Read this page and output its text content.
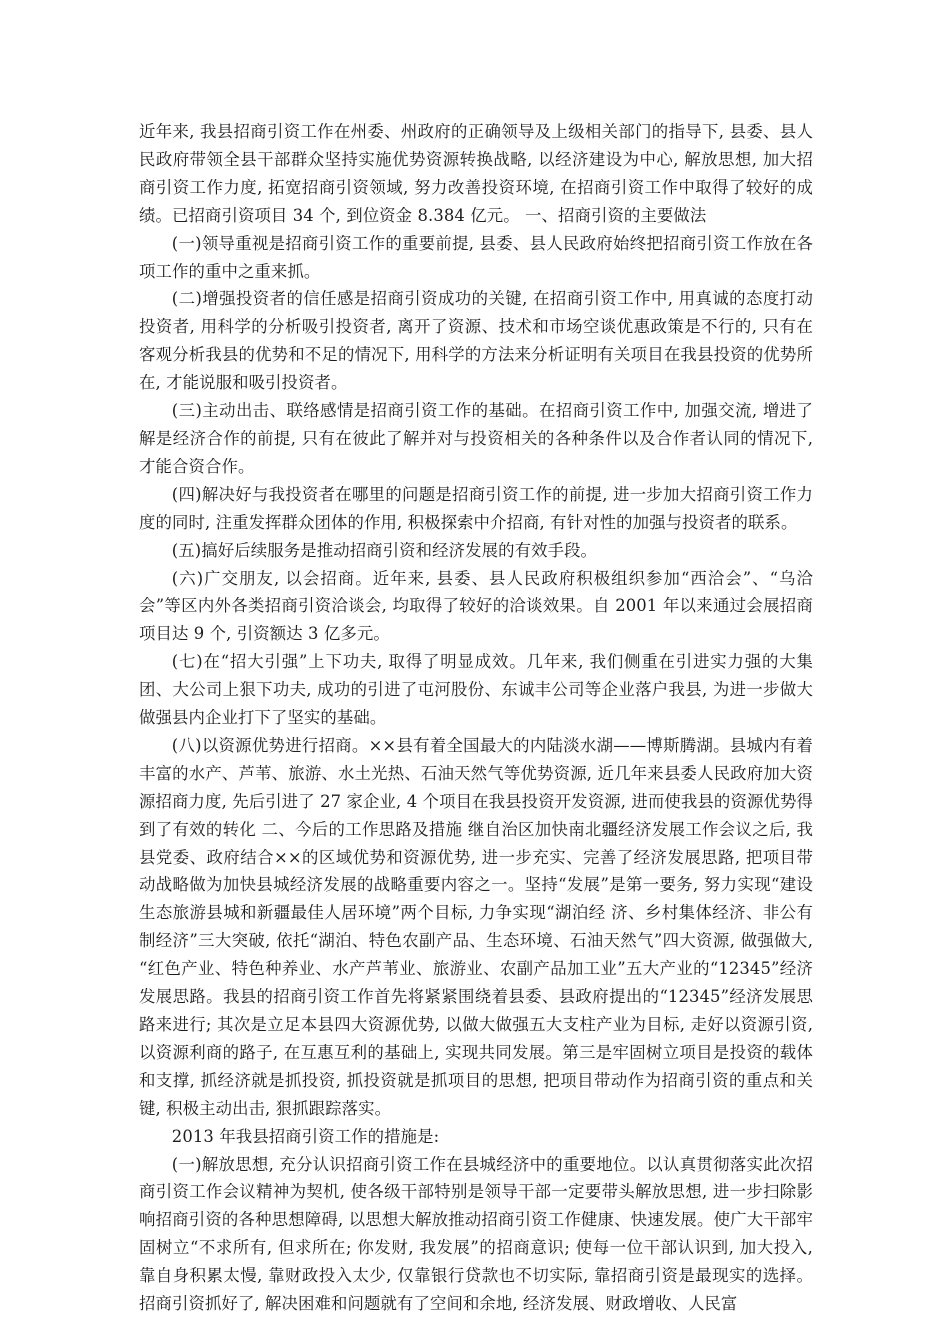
近年来, 我县招商引资工作在州委、州政府的正确领导及上级相关部门的指导下, 县委、县人民政府带领全县干部群众坚持实施优势资源转换战略, 以经济建设为中心, 解放思想, 加大招商引资工作力度, 拓宽招商引资领域, 努力改善投资环境, 在招商引资工作中取得了较好的成绩。已招商引资项目 34 个, 到位资金 8.384 亿元。 一、招商引资的主要做法

(一)领导重视是招商引资工作的重要前提, 县委、县人民政府始终把招商引资工作放在各项工作的重中之重来抓。

(二)增强投资者的信任感是招商引资成功的关键, 在招商引资工作中, 用真诚的态度打动投资者, 用科学的分析吸引投资者, 离开了资源、技术和市场空谈优惠政策是不行的, 只有在客观分析我县的优势和不足的情况下, 用科学的方法来分析证明有关项目在我县投资的优势所在, 才能说服和吸引投资者。

(三)主动出击、联络感情是招商引资工作的基础。在招商引资工作中, 加强交流, 增进了解是经济合作的前提, 只有在彼此了解并对与投资相关的各种条件以及合作者认同的情况下, 才能合资合作。

(四)解决好与我投资者在哪里的问题是招商引资工作的前提, 进一步加大招商引资工作力度的同时, 注重发挥群众团体的作用, 积极探索中介招商, 有针对性的加强与投资者的联系。

(五)搞好后续服务是推动招商引资和经济发展的有效手段。

(六)广交朋友, 以会招商。近年来, 县委、县人民政府积极组织参加“西洽会”、“乌洽会”等区内外各类招商引资洽谈会, 均取得了较好的洽谈效果。自 2001 年以来通过会展招商项目达 9 个, 引资额达 3 亿多元。

(七)在“招大引强”上下功夫, 取得了明显成效。几年来, 我们侧重在引进实力强的大集团、大公司上狠下功夫, 成功的引进了屯河股份、东诚丰公司等企业落户我县, 为进一步做大做强县内企业打下了坚实的基础。

(八)以资源优势进行招商。××县有着全国最大的内陆淡水湖——博斯腾湖。县城内有着丰富的水产、芦苇、旅游、水土光热、石油天然气等优势资源, 近几年来县委人民政府加大资源招商力度, 先后引进了 27 家企业, 4 个项目在我县投资开发资源, 进而使我县的资源优势得到了有效的转化 二、今后的工作思路及措施 继自治区加快南北疆经济发展工作会议之后, 我县党委、政府结合××的区域优势和资源优势, 进一步充实、完善了经济发展思路, 把项目带动战略做为加快县城经济发展的战略重要内容之一。坚持“发展”是第一要务, 努力实现“建设生态旅游县城和新疆最佳人居环境”两个目标, 力争实现“湖泊经 济、乡村集体经济、非公有制经济”三大突破, 依托“湖泊、特色农副产品、生态环境、石油天然气”四大资源, 做强做大, “红色产业、特色种养业、水产芦苇业、旅游业、农副产品加工业”五大产业的“12345”经济发展思路。我县的招商引资工作首先将紧紧围绕着县委、县政府提出的“12345”经济发展思路来进行; 其次是立足本县四大资源优势, 以做大做强五大支柱产业为目标, 走好以资源引资, 以资源利商的路子, 在互惠互利的基础上, 实现共同发展。第三是牢固树立项目是投资的载体和支撑, 抓经济就是抓投资, 抓投资就是抓项目的思想, 把项目带动作为招商引资的重点和关键, 积极主动出击, 狠抓跟踪落实。

2013 年我县招商引资工作的措施是:

(一)解放思想, 充分认识招商引资工作在县城经济中的重要地位。以认真贯彻落实此次招商引资工作会议精神为契机, 使各级干部特别是领导干部一定要带头解放思想, 进一步扫除影响招商引资的各种思想障碍, 以思想大解放推动招商引资工作健康、快速发展。使广大干部牢固树立“不求所有, 但求所在; 你发财, 我发展”的招商意识; 使每一位干部认识到, 加大投入, 靠自身积累太慢, 靠财政投入太少, 仅靠银行贷款也不切实际, 靠招商引资是最现实的选择。招商引资抓好了, 解决困难和问题就有了空间和余地, 经济发展、财政增收、人民富
